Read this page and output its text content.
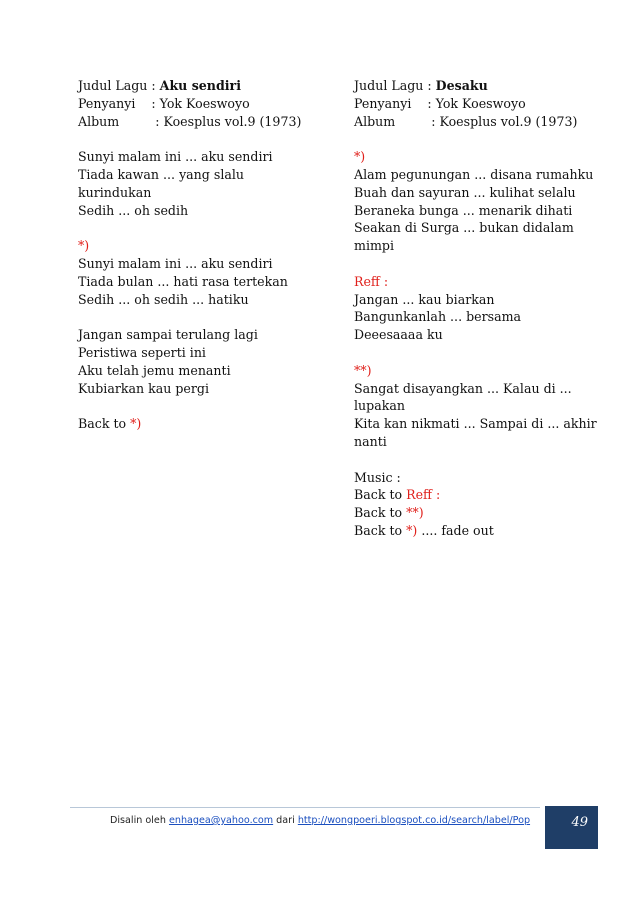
Judul Lagu : Aku sendiri
Penyanyi : Yok Koeswoyo
Album : Koesplus vol.9 (1973)
Sunyi malam ini ... aku sendiri
Tiada kawan ... yang slalu
kurindukan
Sedih ... oh sedih
*)
Sunyi malam ini ... aku sendiri
Tiada bulan ... hati rasa tertekan
Sedih ... oh sedih ... hatiku
Jangan sampai terulang lagi
Peristiwa seperti ini
Aku telah jemu menanti
Kubiarkan kau pergi
Back to *)
Judul Lagu : Desaku
Penyanyi : Yok Koeswoyo
Album : Koesplus vol.9 (1973)
*)
Alam pegunungan ... disana rumahku
Buah dan sayuran ... kulihat selalu
Beraneka bunga ... menarik dihati
Seakan di Surga ... bukan didalam
mimpi
Reff :
Jangan ... kau biarkan
Bangunkanlah ... bersama
Deeesaaaa ku
**)
Sangat disayangkan ... Kalau di ...
lupakan
Kita kan nikmati ... Sampai di ... akhir
nanti
Music :
Back to Reff :
Back to **)
Back to *) .... fade out
Disalin oleh enhagea@yahoo.com dari http://wongpoeri.blogspot.co.id/search/label/Pop	49
